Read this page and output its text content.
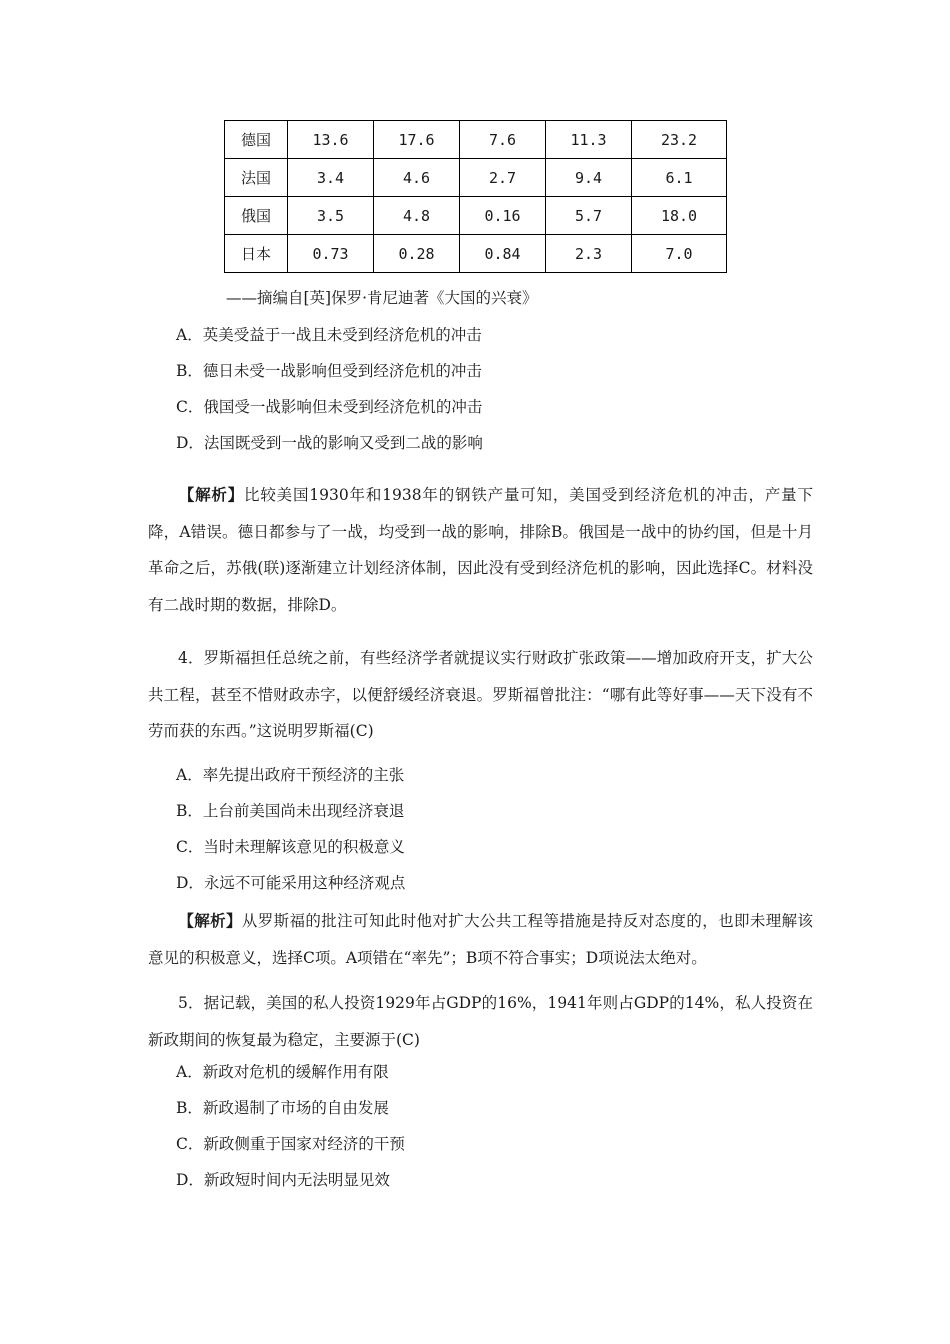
德国	13.6	17.6	7.6	11.3	23.2
法国	3.4	4.6	2.7	9.4	6.1
俄国	3.5	4.8	0.16	5.7	18.0
日本	0.73	0.28	0.84	2.3	7.0
——摘编自[英]保罗·肯尼迪著《大国的兴衰》
A．英美受益于一战且未受到经济危机的冲击
B．德日未受一战影响但受到经济危机的冲击
C．俄国受一战影响但未受到经济危机的冲击
D．法国既受到一战的影响又受到二战的影响
【解析】比较美国1930年和1938年的钢铁产量可知，美国受到经济危机的冲击，产量下降，A错误。德日都参与了一战，均受到一战的影响，排除B。俄国是一战中的协约国，但是十月革命之后，苏俄(联)逐渐建立计划经济体制，因此没有受到经济危机的影响，因此选择C。材料没有二战时期的数据，排除D。
4．罗斯福担任总统之前，有些经济学者就提议实行财政扩张政策——增加政府开支，扩大公共工程，甚至不惜财政赤字，以便舒缓经济衰退。罗斯福曾批注：“哪有此等好事——天下没有不劳而获的东西。”这说明罗斯福(C)
A．率先提出政府干预经济的主张
B．上台前美国尚未出现经济衰退
C．当时未理解该意见的积极意义
D．永远不可能采用这种经济观点
【解析】从罗斯福的批注可知此时他对扩大公共工程等措施是持反对态度的，也即未理解该意见的积极意义，选择C项。A项错在“率先”；B项不符合事实；D项说法太绝对。
5．据记载，美国的私人投资1929年占GDP的16%，1941年则占GDP的14%，私人投资在新政期间的恢复最为稳定，主要源于(C)
A．新政对危机的缓解作用有限
B．新政遏制了市场的自由发展
C．新政侧重于国家对经济的干预
D．新政短时间内无法明显见效
